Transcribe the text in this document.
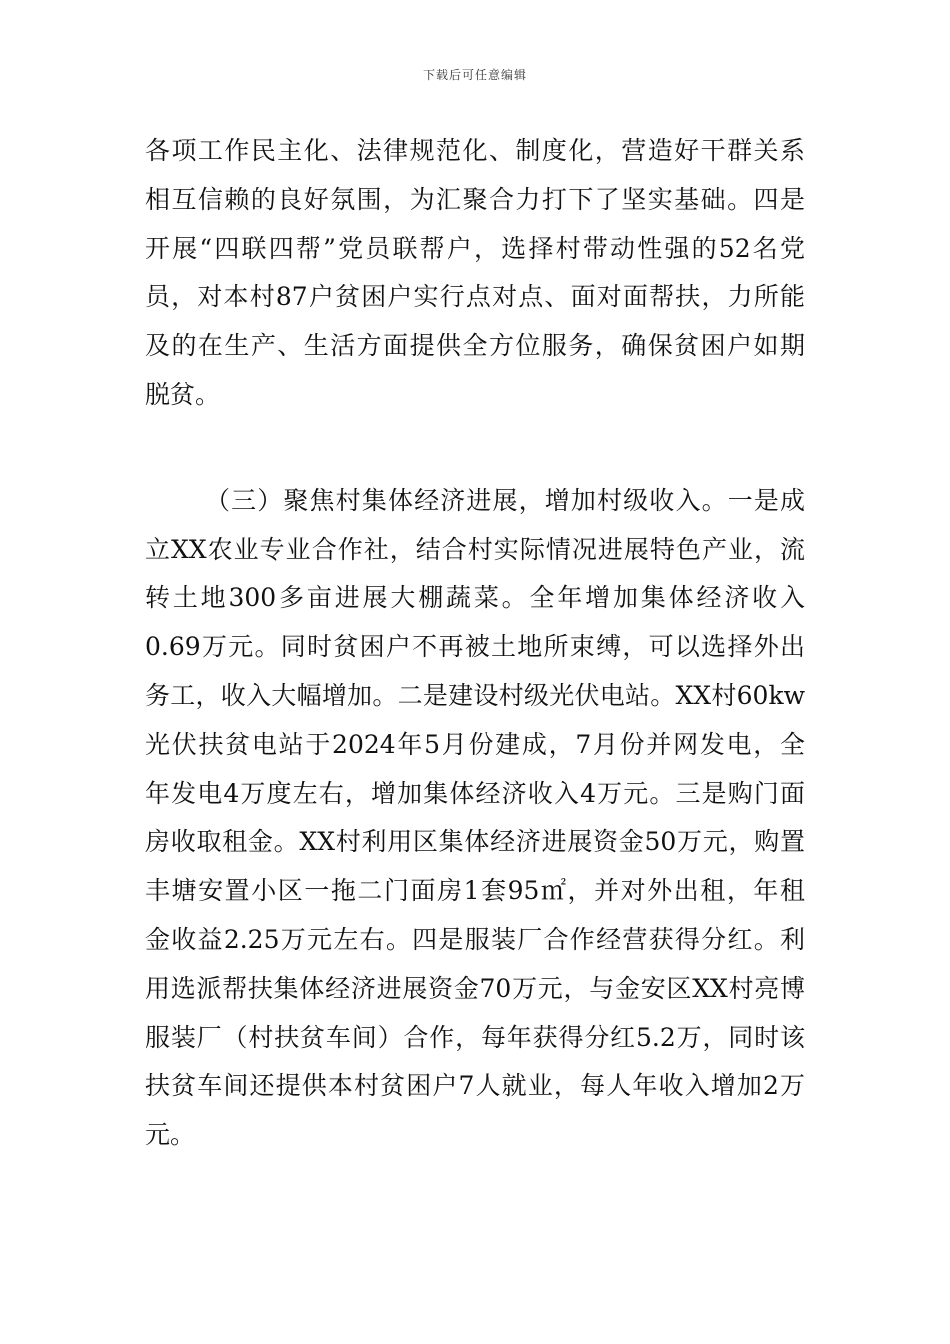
下载后可任意编辑
各项工作民主化、法律规范化、制度化，营造好干群关系
相互信赖的良好氛围，为汇聚合力打下了坚实基础。四是
开展“四联四帮”党员联帮户，选择村带动性强的52名党
员，对本村87户贫困户实行点对点、面对面帮扶，力所能
及的在生产、生活方面提供全方位服务，确保贫困户如期
脱贫。
（三）聚焦村集体经济进展，增加村级收入。一是成
立XX农业专业合作社，结合村实际情况进展特色产业，流
转土地300多亩进展大棚蔬菜。全年增加集体经济收入
0.69万元。同时贫困户不再被土地所束缚，可以选择外出
务工，收入大幅增加。二是建设村级光伏电站。XX村60kw
光伏扶贫电站于2024年5月份建成，7月份并网发电，全
年发电4万度左右，增加集体经济收入4万元。三是购门面
房收取租金。XX村利用区集体经济进展资金50万元，购置
丰塘安置小区一拖二门面房1套95㎡，并对外出租，年租
金收益2.25万元左右。四是服装厂合作经营获得分红。利
用选派帮扶集体经济进展资金70万元，与金安区XX村亮博
服装厂（村扶贫车间）合作，每年获得分红5.2万，同时该
扶贫车间还提供本村贫困户7人就业，每人年收入增加2万
元。
